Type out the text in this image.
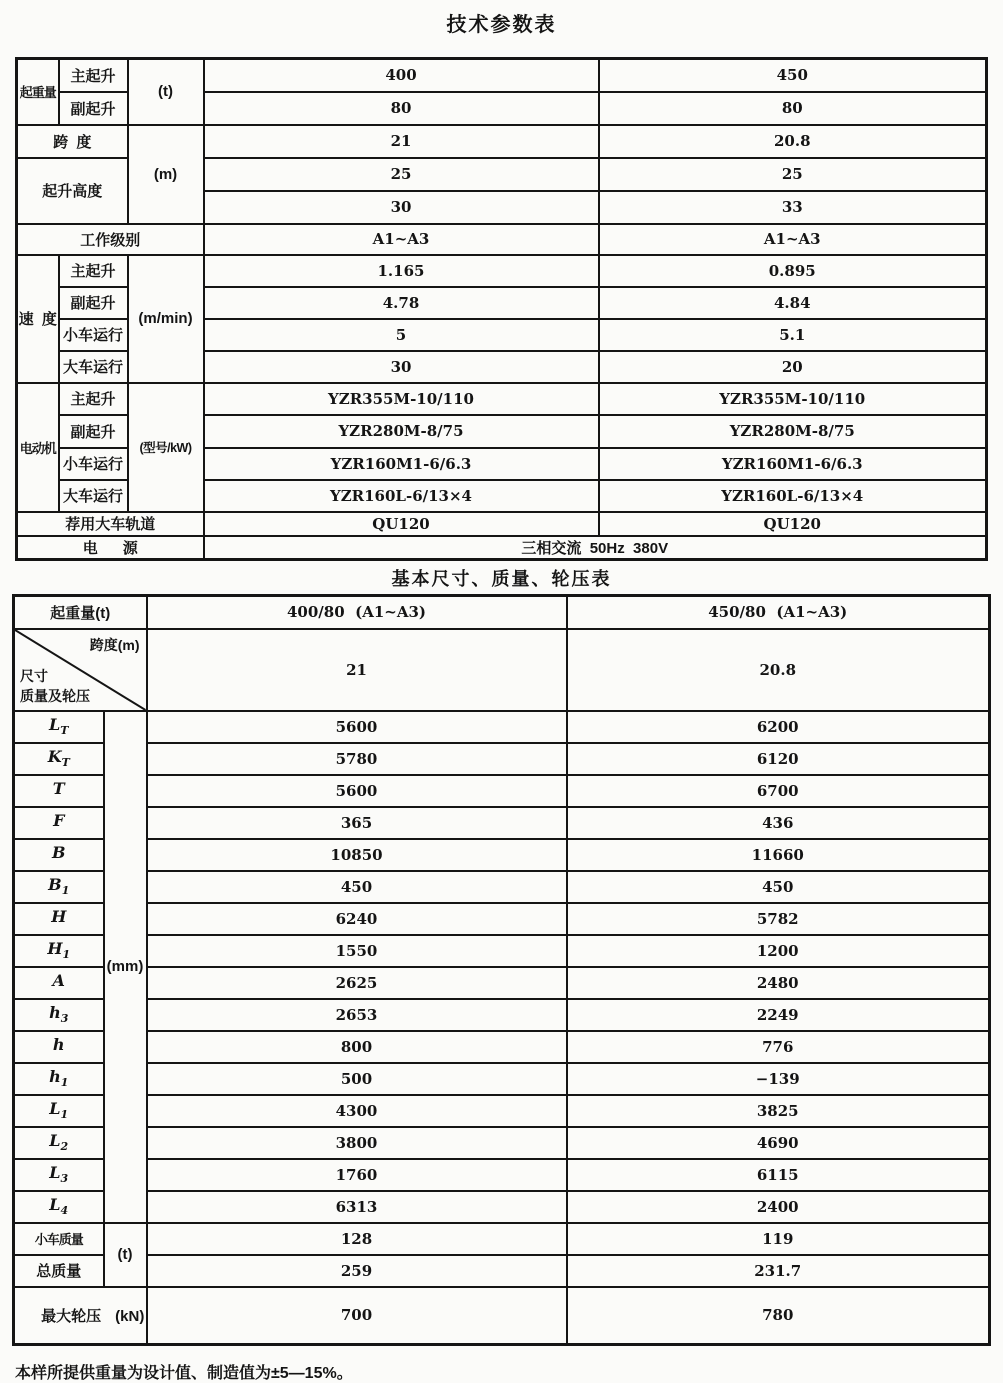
技术参数表
起重量	主起升	(t)	400	450
	副起升		80	80
跨  度		(m)	21	20.8
起升高度			25	25
			30	33
工作级别			A1~A3	A1~A3
速  度	主起升	(m/min)	1.165	0.895
	副起升		4.78	4.84
	小车运行		5	5.1
	大车运行		30	20
电动机	主起升	(型号/kW)	YZR355M-10/110	YZR355M-10/110
	副起升		YZR280M-8/75	YZR280M-8/75
	小车运行		YZR160M1-6/6.3	YZR160M1-6/6.3
	大车运行		YZR160L-6/13×4	YZR160L-6/13×4
荐用大车轨道			QU120	QU120
电      源			三相交流  50Hz  380V	
基本尺寸、质量、轮压表
起重量(t)		400/80  (A1~A3)	450/80  (A1~A3)

跨度(m)
尺寸
质量及轮压		21	20.8
$L_T$	(mm)	5600	6200
$K_T$		5780	6120
T		5600	6700
F		365	436
B		10850	11660
$B_1$		450	450
H		6240	5782
$H_1$		1550	1200
A		2625	2480
$h_3$		2653	2249
h		800	776
$h_1$		500	−139
$L_1$		4300	3825
$L_2$		3800	4690
$L_3$		1760	6115
$L_4$		6313	2400
小车质量	(t)	128	119
总质量		259	231.7

最大轮压 (kN)		700	780
本样所提供重量为设计值、制造值为±5—15%。
